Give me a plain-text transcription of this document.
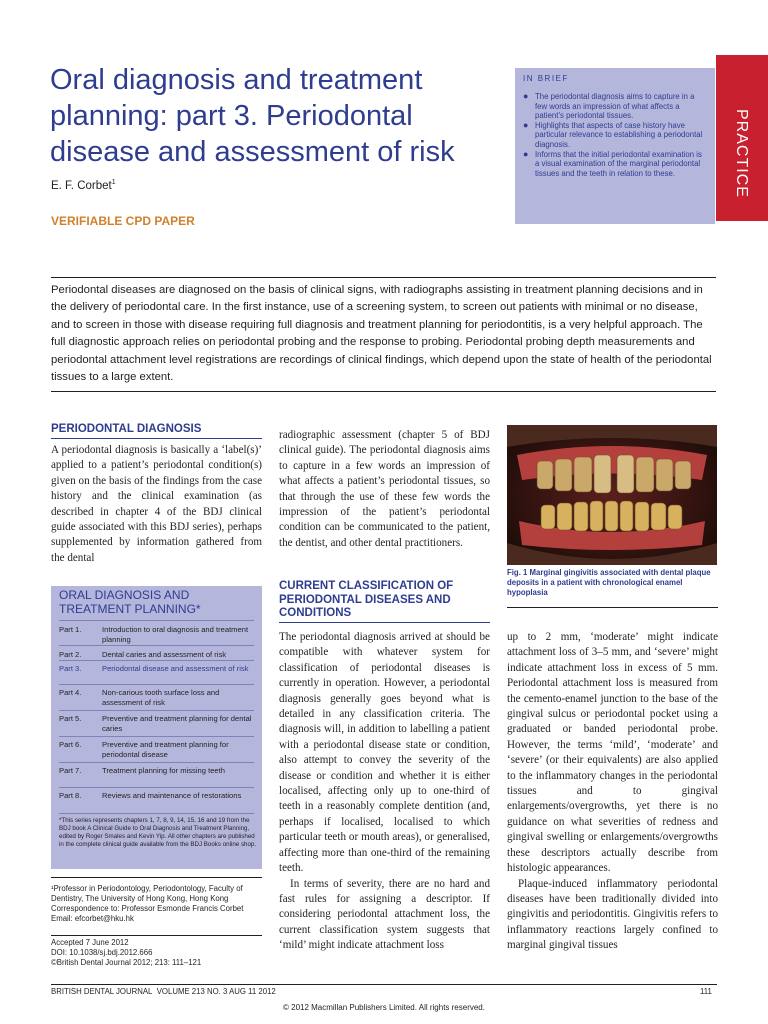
Oral diagnosis and treatment planning: part 3. Periodontal disease and assessment of risk
E. F. Corbet$^1$
VERIFIABLE CPD PAPER
IN BRIEF
● The periodontal diagnosis aims to capture in a few words an impression of what affects a patient’s periodontal tissues.
● Highlights that aspects of case history have particular relevance to establishing a periodontal diagnosis.
● Informs that the initial periodontal examination is a visual examination of the marginal periodontal tissues and the teeth in relation to these.	PRACTICE

Periodontal diseases are diagnosed on the basis of clinical signs, with radiographs assisting in treatment planning decisions and in the delivery of periodontal care. In the first instance, use of a screening system, to screen out patients with minimal or no disease, and to screen in those with disease requiring full diagnosis and treatment planning for periodontitis, is a very helpful approach. The full diagnostic approach relies on periodontal probing and the response to probing. Periodontal probing depth measurements and periodontal attachment level registrations are recordings of clinical findings, which depend upon the state of health of the periodontal tissues to a large extent.

PERIODONTAL DIAGNOSIS

A periodontal diagnosis is basically a ‘label(s)’ applied to a patient’s periodontal condition(s) given on the basis of the findings from the case history and the clinical examination (as described in chapter 4 of the BDJ clinical guide associated with this BDJ series), perhaps supplemented by information gathered from the dental

ORAL DIAGNOSIS AND TREATMENT PLANNING*
Part 1.	Introduction to oral diagnosis and treatment planning
Part 2.	Dental caries and assessment of risk
Part 3.	Periodontal disease and assessment of risk
Part 4.	Non-carious tooth surface loss and assessment of risk
Part 5.	Preventive and treatment planning for dental caries
Part 6.	Preventive and treatment planning for periodontal disease
Part 7.	Treatment planning for missing teeth
Part 8.	Reviews and maintenance of restorations
*This series represents chapters 1, 7, 8, 9, 14, 15, 16 and 19 from the BDJ book A Clinical Guide to Oral Diagnosis and Treatment Planning, edited by Roger Smales and Kevin Yip. All other chapters are published in the complete clinical guide available from the BDJ Books online shop.
¹Professor in Periodontology, Periodontology, Faculty of Dentistry, The University of Hong Kong, Hong Kong
Correspondence to: Professor Esmonde Francis Corbet
Email: efcorbet@hku.hk
Accepted 7 June 2012
DOI: 10.1038/sj.bdj.2012.666
©British Dental Journal 2012; 213: 111–121

radiographic assessment (chapter 5 of BDJ clinical guide). The periodontal diagnosis aims to capture in a few words an impression of what affects a patient’s periodontal tissues, so that through the use of these few words the impression of the patient’s periodontal condition can be communicated to the patient, the dentist, and other dental practitioners.

CURRENT CLASSIFICATION OF PERIODONTAL DISEASES AND CONDITIONS

The periodontal diagnosis arrived at should be compatible with whatever system for classification of periodontal diseases is currently in operation. However, a periodontal diagnosis generally goes beyond what is detailed in any classification criteria. The diagnosis will, in addition to labelling a patient with a periodontal disease state or condition, also attempt to convey the severity of the disease or condition and whether it is either localised, affecting only up to one-third of teeth in a reasonably complete dentition (and, perhaps if localised, localised to which particular teeth or mouth areas), or generalised, affecting more than one-third of the remaining teeth.

In terms of severity, there are no hard and fast rules for assigning a descriptor. If considering periodontal attachment loss, the current classification system suggests that ‘mild’ might indicate attachment loss

Fig. 1 Marginal gingivitis associated with dental plaque deposits in a patient with chronological enamel hypoplasia

up to 2 mm, ‘moderate’ might indicate attachment loss of 3–5 mm, and ‘severe’ might indicate attachment loss in excess of 5 mm. Periodontal attachment loss is measured from the cemento-enamel junction to the base of the gingival sulcus or periodontal pocket using a graduated or banded periodontal probe. However, the terms ‘mild’, ‘moderate’ and ‘severe’ (or their equivalents) are also applied to the inflammatory changes in the periodontal tissues and to gingival enlargements/overgrowths, yet there is no guidance on what severities of redness and gingival swelling or enlargements/overgrowths these descriptors actually describe from histologic appearances.

Plaque-induced inflammatory periodontal diseases have been traditionally divided into gingivitis and periodontitis. Gingivitis refers to inflammatory reactions largely confined to marginal gingival tissues

BRITISH DENTAL JOURNAL VOLUME 213 NO. 3 AUG 11 2012	111
© 2012 Macmillan Publishers Limited. All rights reserved.
